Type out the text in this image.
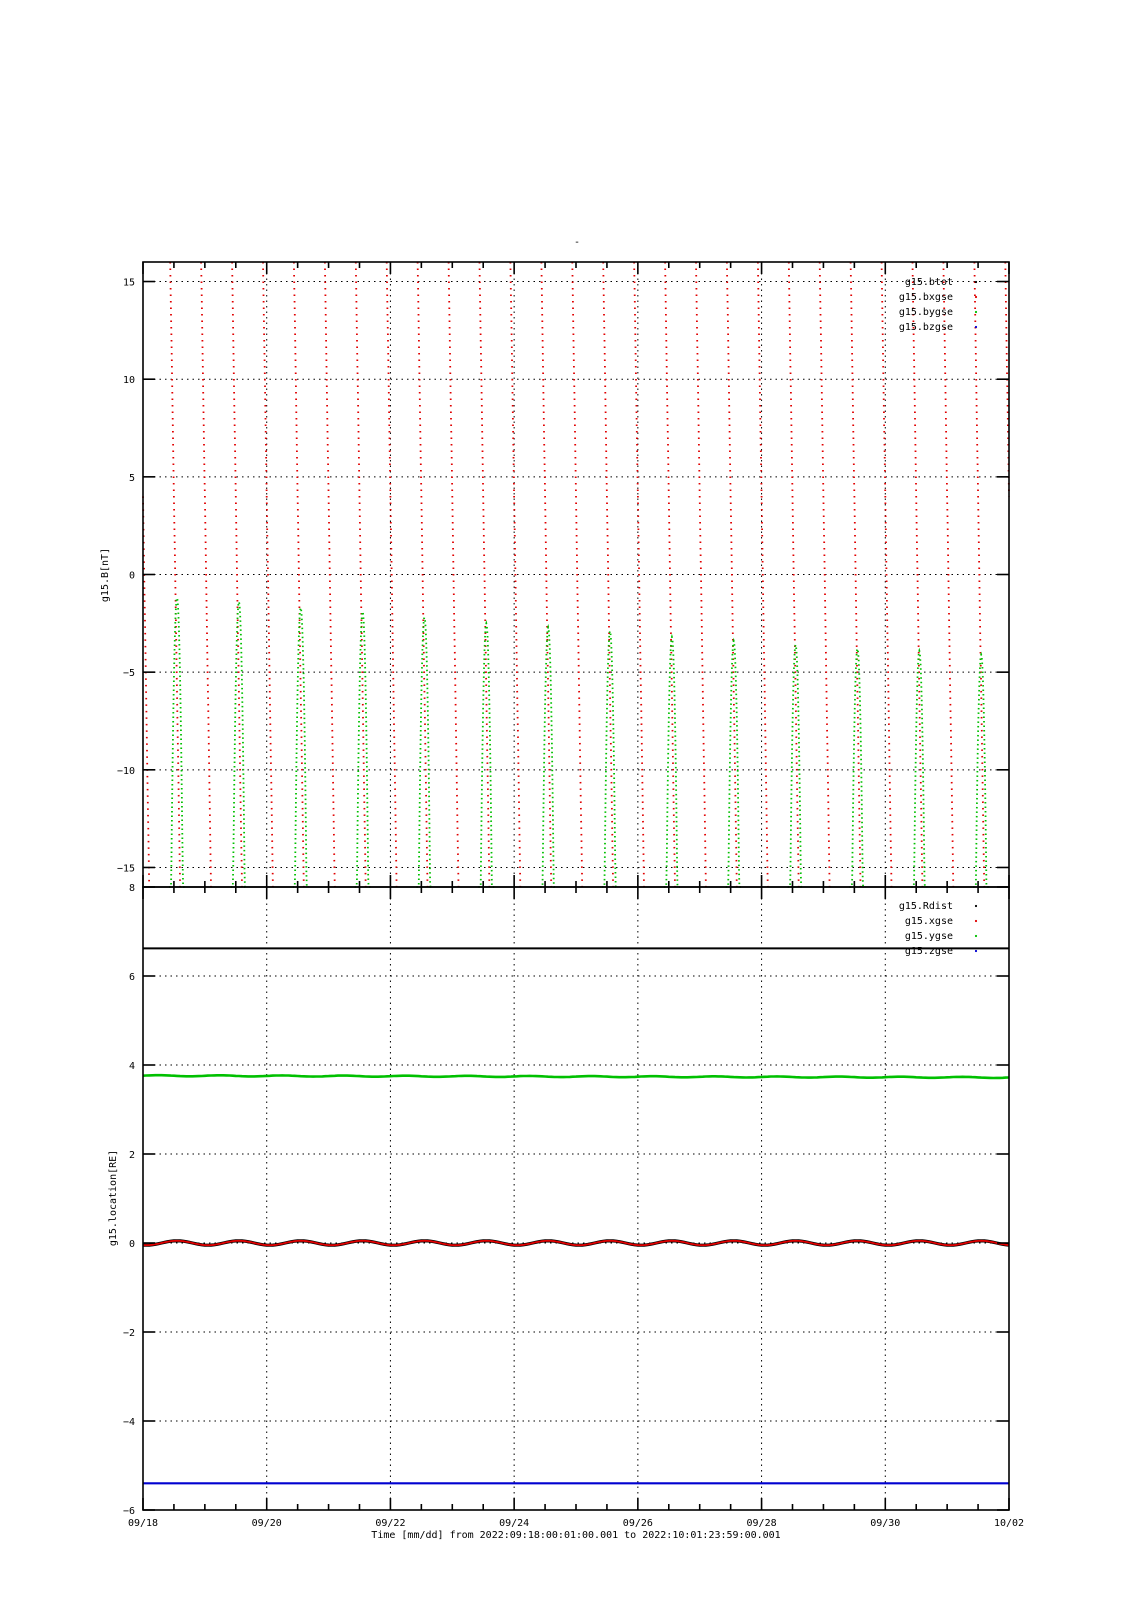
-
−15
−10
−5
0
5
10
15
g15.B[nT]
g15.btot
g15.bxgse
g15.bygse
g15.bzgse
−6
−4
−2
0
2
4
6
8
g15.location[RE]
g15.Rdist
g15.xgse
g15.ygse
g15.zgse
09/18	09/20	09/22	09/24	09/26	09/28	09/30	10/02
Time [mm/dd] from 2022:09:18:00:01:00.001 to 2022:10:01:23:59:00.001
